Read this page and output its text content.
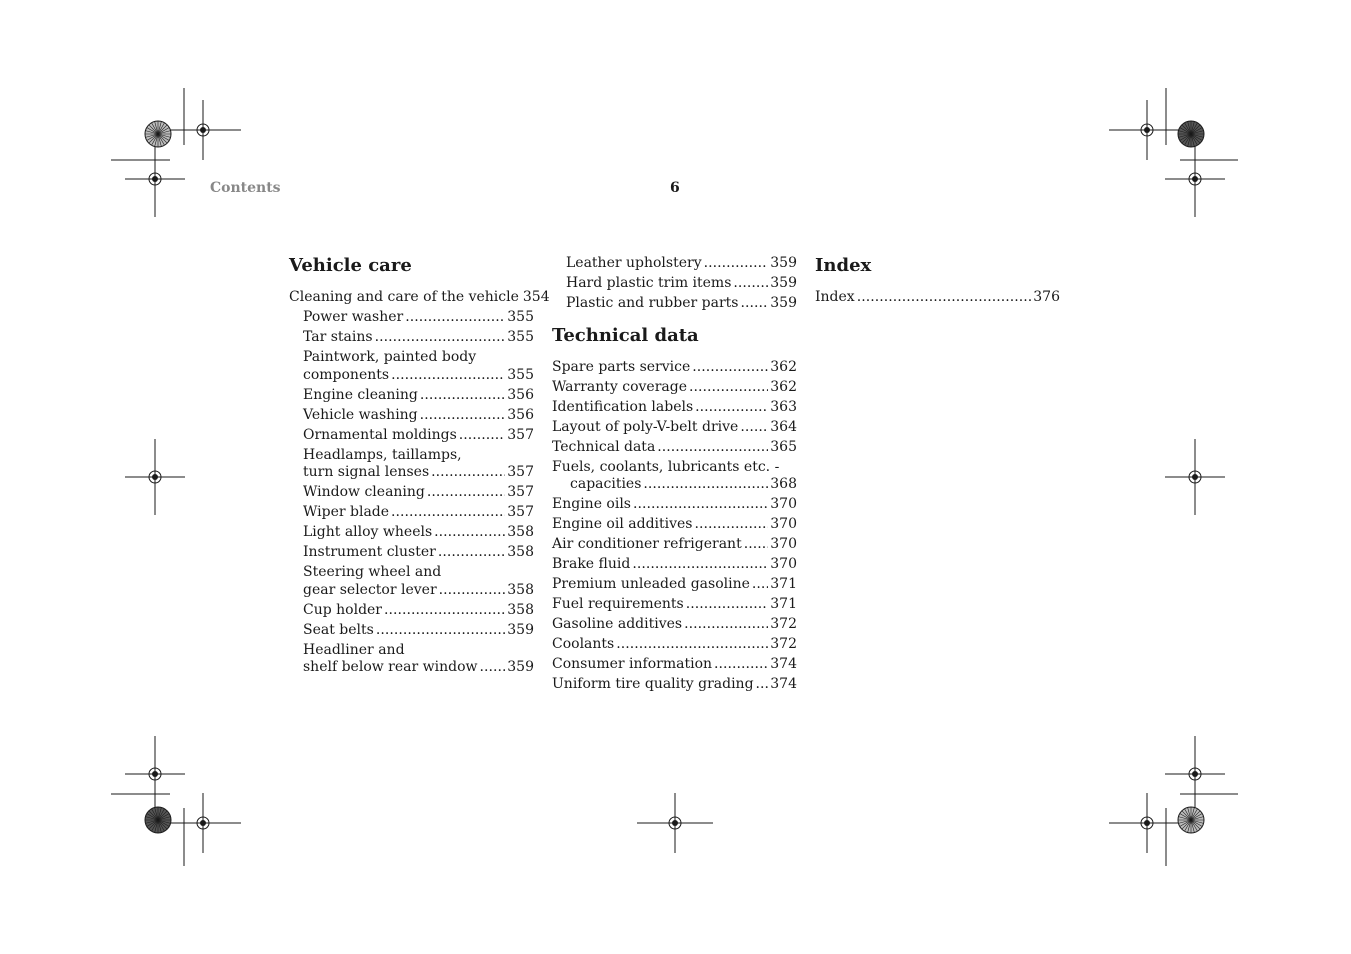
Contents	6
Vehicle care
Cleaning and care of the vehicle 354
Power washer . . .	355
Tar stains . . .	355
Paintwork, painted body
components . . .	355
Engine cleaning . . .	356
Vehicle washing . . .	356
Ornamental moldings . . .	357
Headlamps, taillamps,
turn signal lenses . . .	357
Window cleaning . . .	357
Wiper blade . . .	357
Light alloy wheels . . .	358
Instrument cluster . . .	358
Steering wheel and
gear selector lever . . .	358
Cup holder . . .	358
Seat belts . . .	359
Headliner and
shelf below rear window . . . 359
Leather upholstery . . .	359
Hard plastic trim items . . .	359
Plastic and rubber parts . . . 359
Technical data
Spare parts service . . .	362
Warranty coverage . . .	362
Identification labels . . .	363
Layout of poly-V-belt drive . . . 364
Technical data . . .	365
Fuels, coolants, lubricants etc. -
capacities . . .	368
Engine oils . . .	370
Engine oil additives . . .	370
Air conditioner refrigerant . . . 370
Brake fluid . . .	370
Premium unleaded gasoline . . . 371
Fuel requirements . . .	371
Gasoline additives . . .	372
Coolants . . .	372
Consumer information . . .	374
Uniform tire quality grading . . . 374
Index
Index . . .	376
